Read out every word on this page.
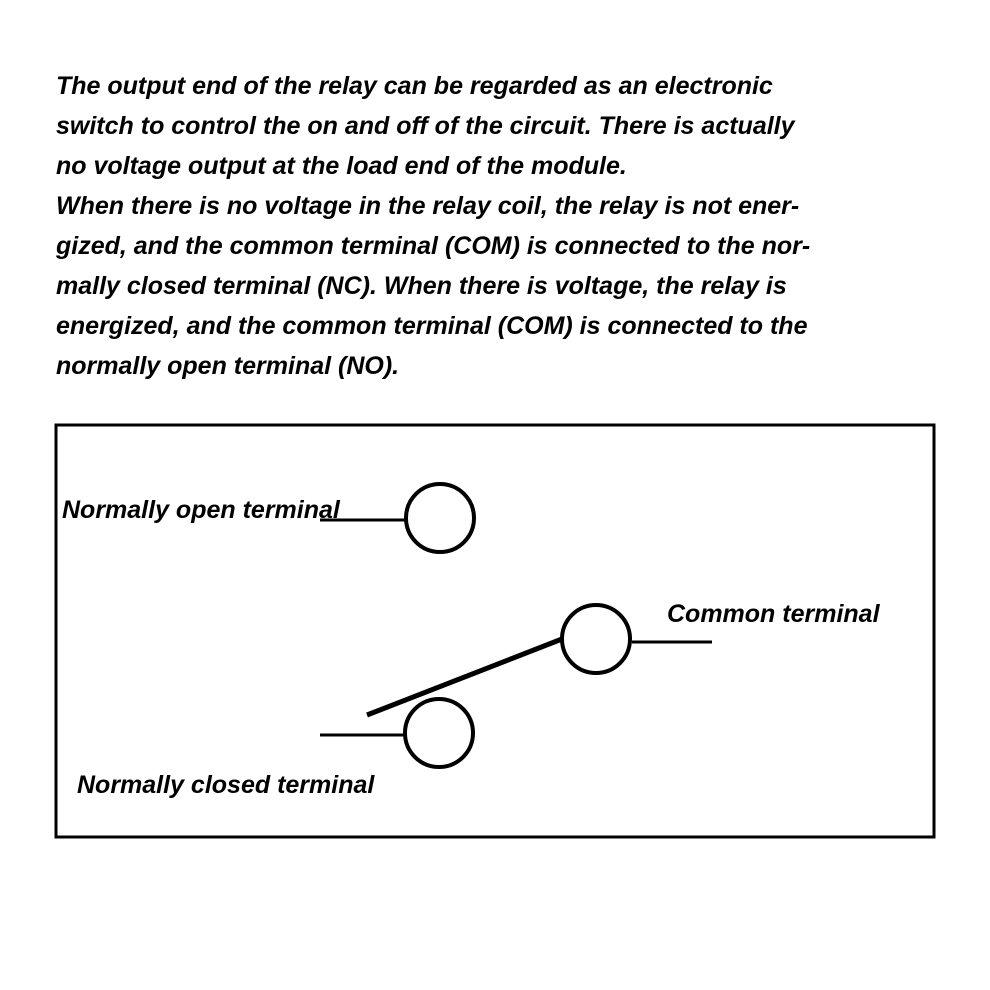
The output end of the relay can be regarded as an electronic
switch to control the on and off of the circuit. There is actually
no voltage output at the load end of the module.

When there is no voltage in the relay coil, the relay is not ener-
gized, and the common terminal (COM) is connected to the nor-
mally closed terminal (NC). When there is voltage, the relay is
energized, and the common terminal (COM) is connected to the
normally open terminal (NO).

Normally open terminal
Common terminal
Normally closed terminal
